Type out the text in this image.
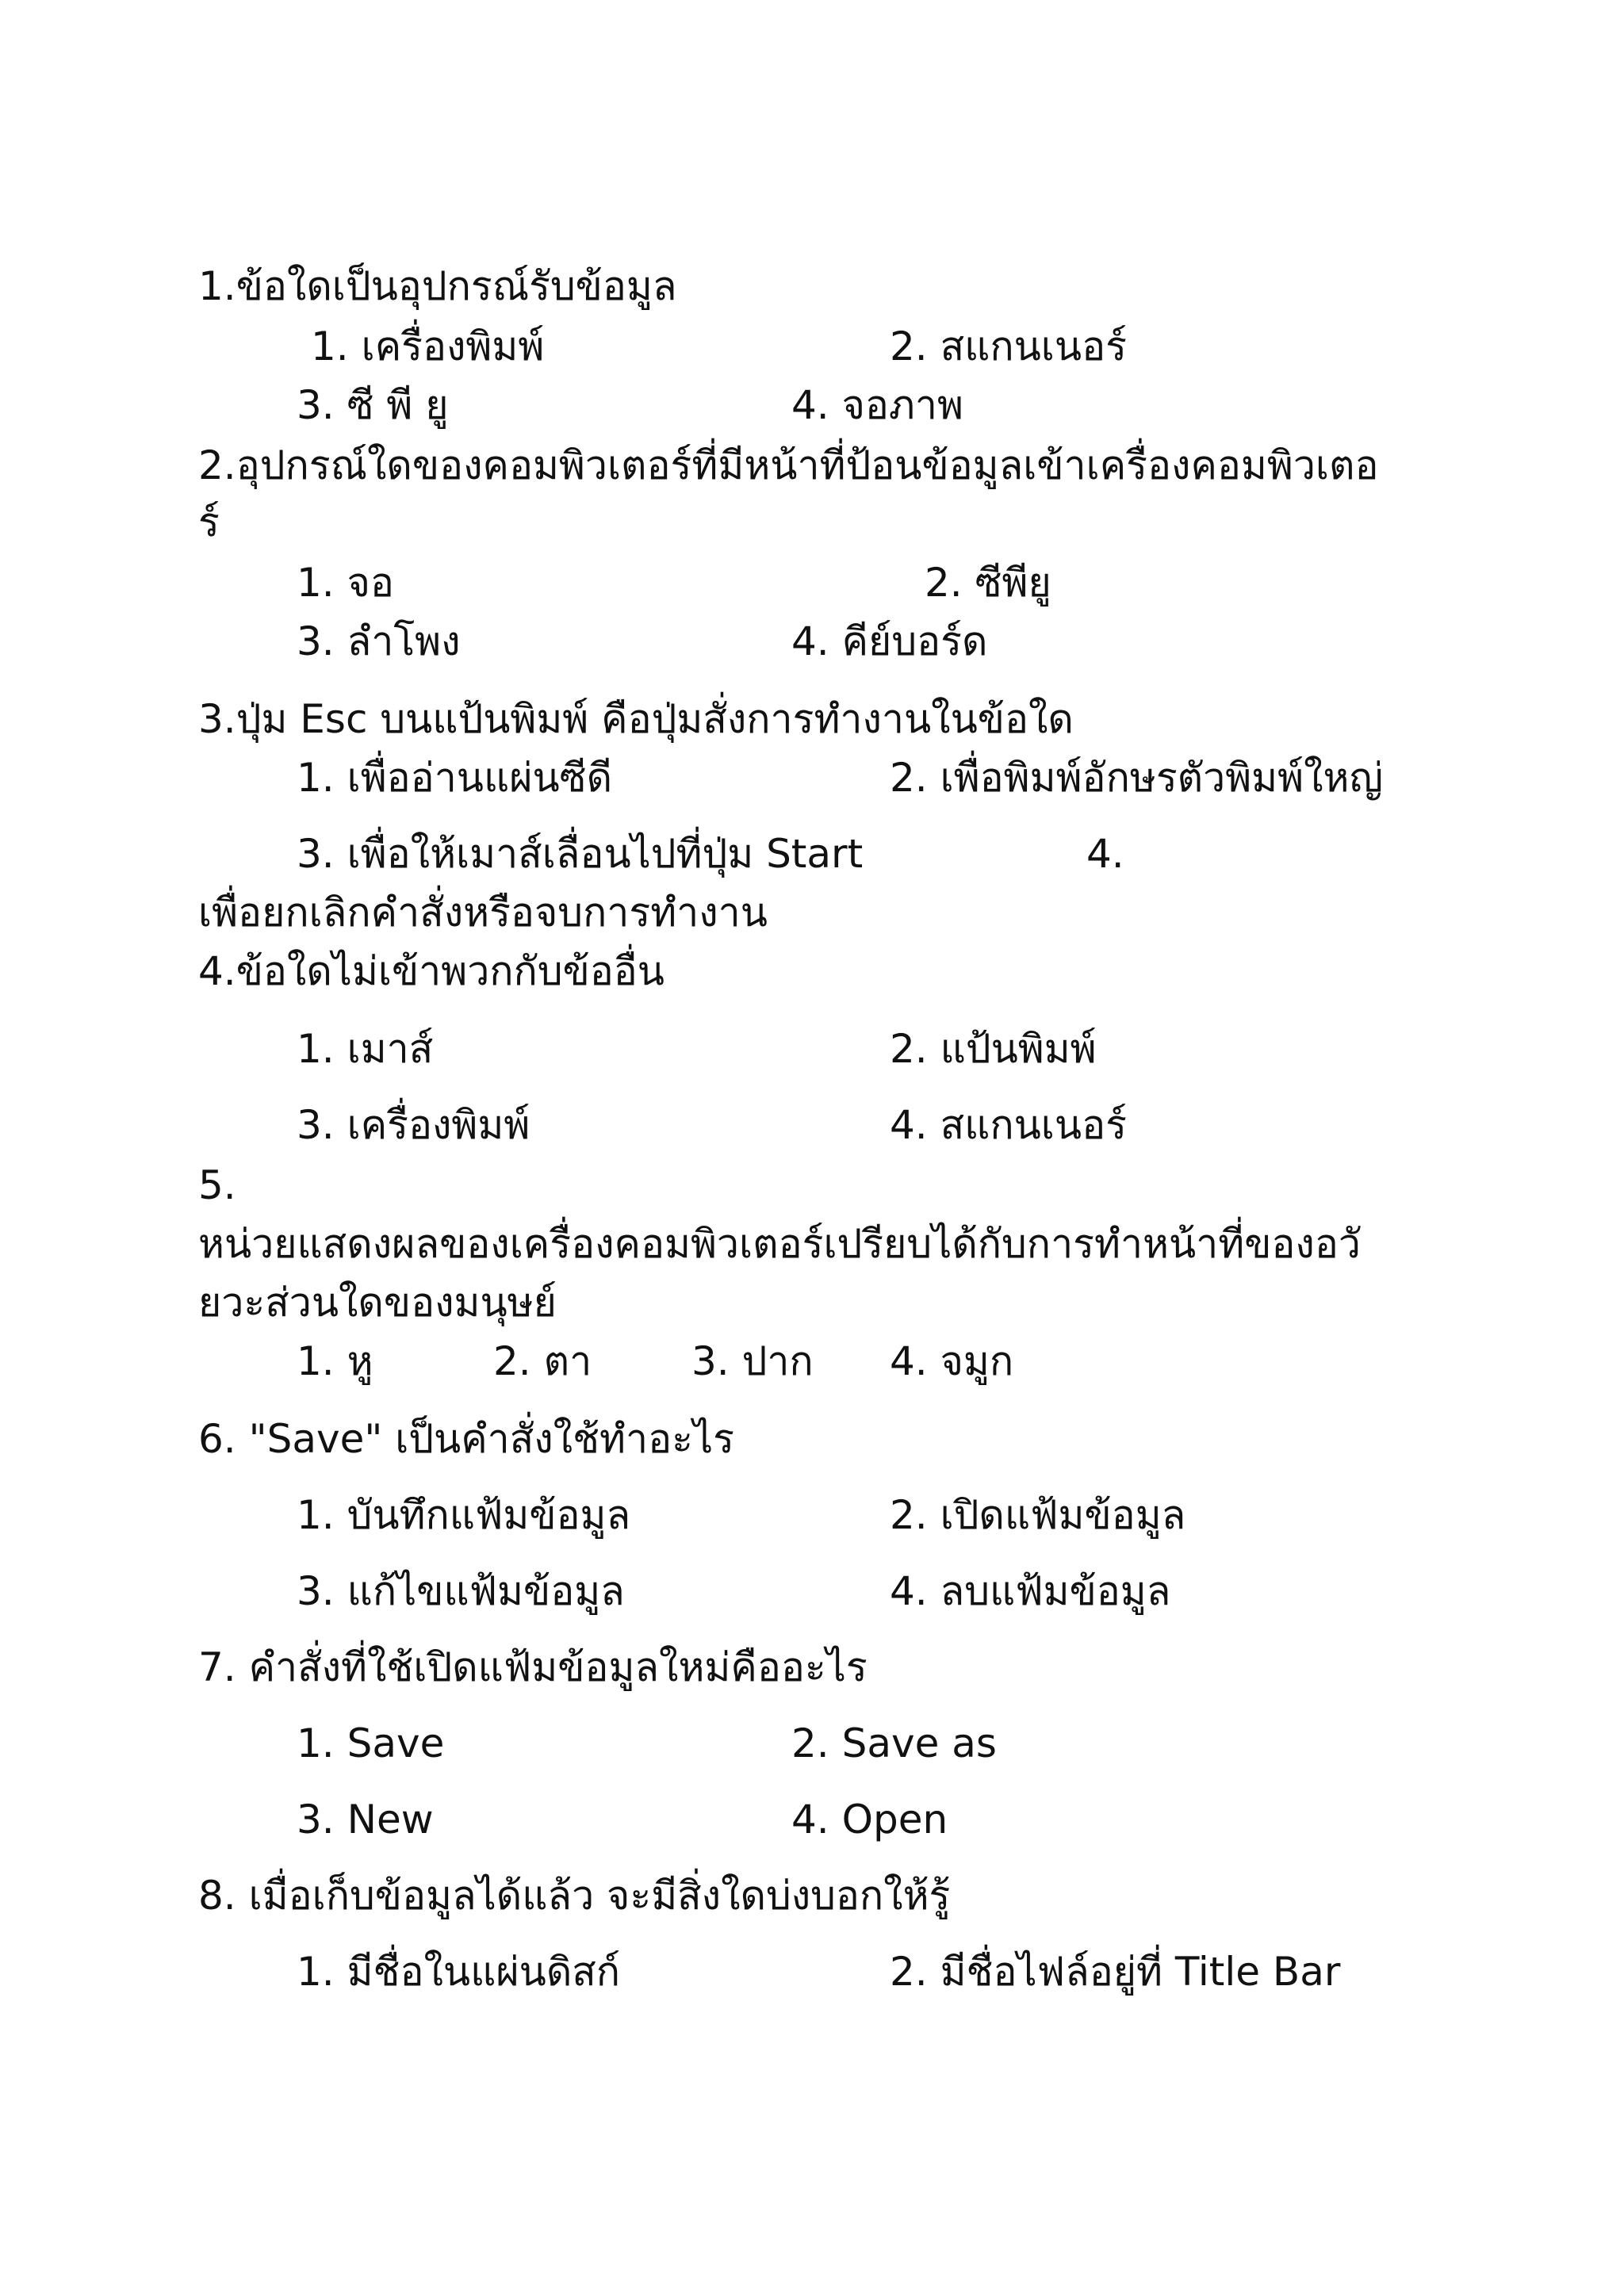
1.ข้อใดเป็นอุปกรณ์รับข้อมูล
1. เครื่องพิมพ์	2. สแกนเนอร์
3. ซี พี ยู	4. จอภาพ
2.อุปกรณ์ใดของคอมพิวเตอร์ที่มีหน้าที่ป้อนข้อมูลเข้าเครื่องคอมพิวเตอ
ร์
1. จอ	2. ซีพียู
3. ลำโพง	4. คีย์บอร์ด
3.ปุ่ม Esc บนแป้นพิมพ์ คือปุ่มสั่งการทำงานในข้อใด
1. เพื่ออ่านแผ่นซีดี	2. เพื่อพิมพ์อักษรตัวพิมพ์ใหญ่
3. เพื่อให้เมาส์เลื่อนไปที่ปุ่ม Start	4.
เพื่อยกเลิกคำสั่งหรือจบการทำงาน
4.ข้อใดไม่เข้าพวกกับข้ออื่น
1. เมาส์	2. แป้นพิมพ์
3. เครื่องพิมพ์	4. สแกนเนอร์
5.
หน่วยแสดงผลของเครื่องคอมพิวเตอร์เปรียบได้กับการทำหน้าที่ของอวั
ยวะส่วนใดของมนุษย์
1. หู	2. ตา	3. ปาก 4. จมูก
6. "Save" เป็นคำสั่งใช้ทำอะไร
1. บันทึกแฟ้มข้อมูล	2. เปิดแฟ้มข้อมูล
3. แก้ไขแฟ้มข้อมูล	4. ลบแฟ้มข้อมูล
7. คำสั่งที่ใช้เปิดแฟ้มข้อมูลใหม่คืออะไร
1. Save	2. Save as
3. New	4. Open
8. เมื่อเก็บข้อมูลได้แล้ว จะมีสิ่งใดบ่งบอกให้รู้
1. มีชื่อในแผ่นดิสก์	2. มีชื่อไฟล์อยู่ที่ Title Bar
